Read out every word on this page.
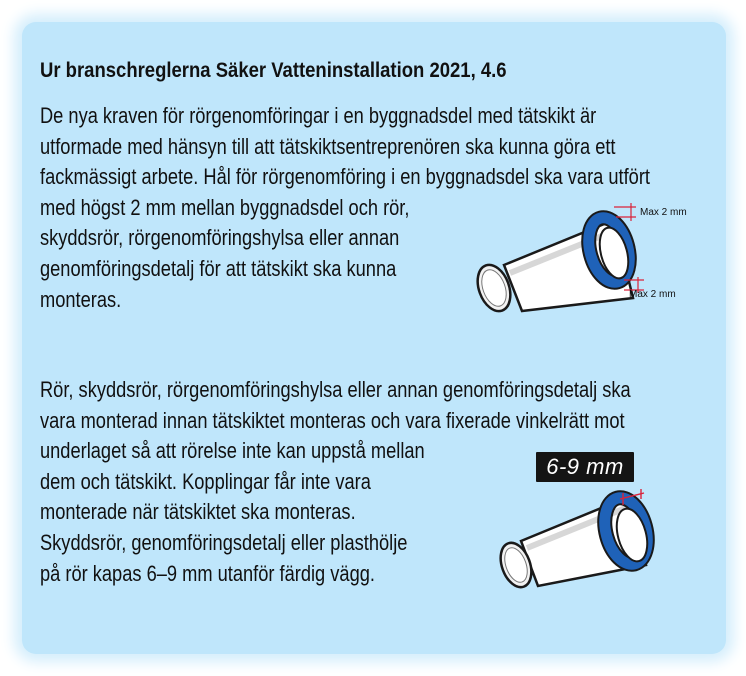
Ur branschreglerna Säker Vatteninstallation 2021, 4.6
De nya kraven för rörgenomföringar i en byggnadsdel med tätskikt är
utformade med hänsyn till att tätskiktsentreprenören ska kunna göra ett
fackmässigt arbete. Hål för rörgenomföring i en byggnadsdel ska vara utfört
med högst 2 mm mellan byggnadsdel och rör,
skyddsrör, rörgenomföringshylsa eller annan
genomföringsdetalj för att tätskikt ska kunna
monteras.
Max 2 mm
Max 2 mm
Rör, skyddsrör, rörgenomföringshylsa eller annan genomföringsdetalj ska
vara monterad innan tätskiktet monteras och vara fixerade vinkelrätt mot
underlaget så att rörelse inte kan uppstå mellan
dem och tätskikt. Kopplingar får inte vara
monterade när tätskiktet ska monteras.
Skyddsrör, genomföringsdetalj eller plasthölje
på rör kapas 6–9 mm utanför färdig vägg.
6-9 mm
